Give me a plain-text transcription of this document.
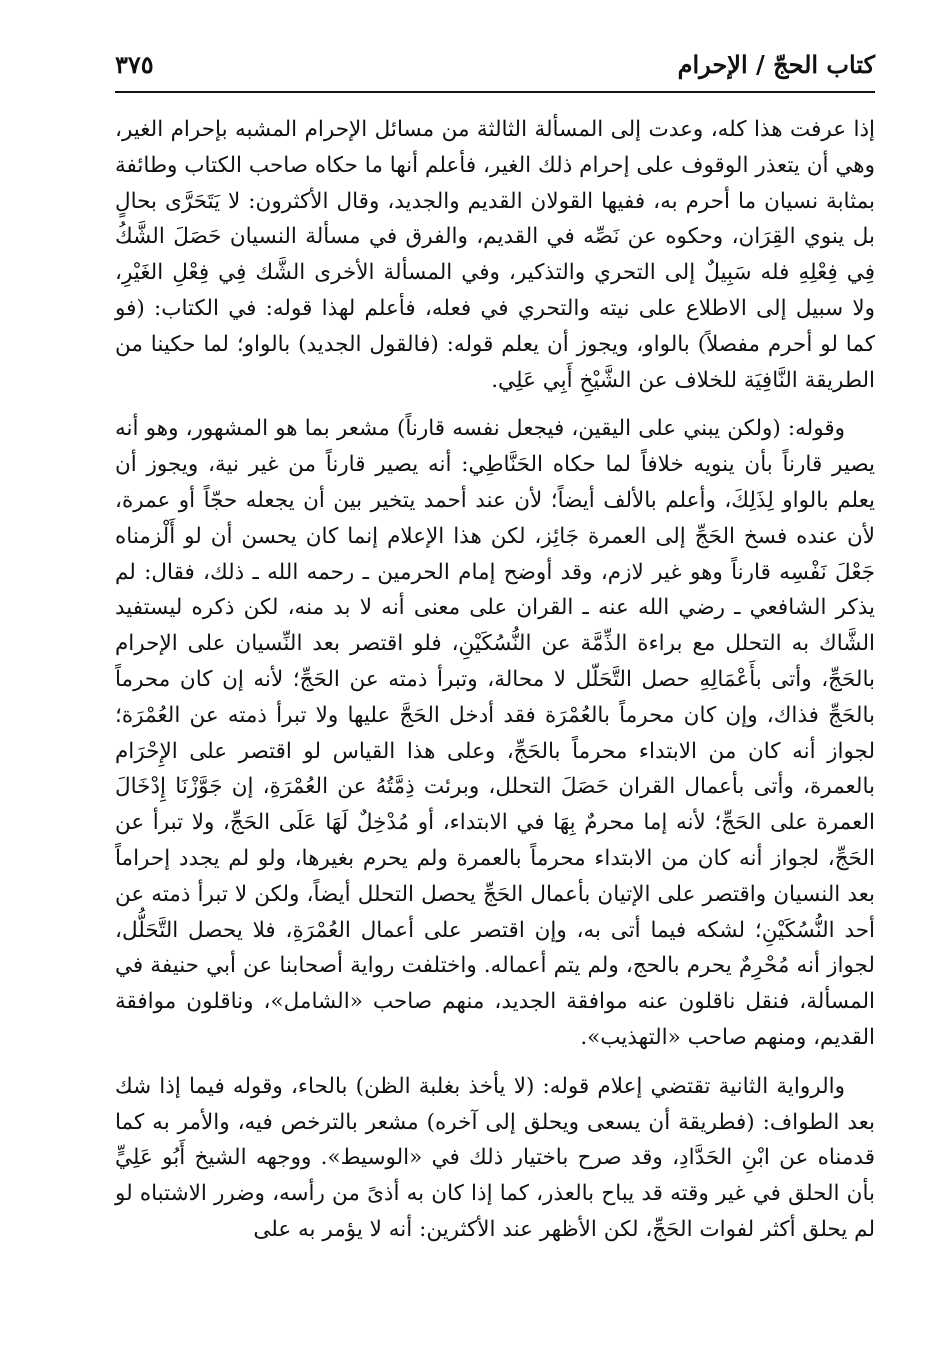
كتاب الحجّ / الإحرام
٣٧٥

إذا عرفت هذا كله، وعدت إلى المسألة الثالثة من مسائل الإحرام المشبه بإحرام الغير، وهي أن يتعذر الوقوف على إحرام ذلك الغير، فأعلم أنها ما حكاه صاحب الكتاب وطائفة بمثابة نسيان ما أحرم به، ففيها القولان القديم والجديد، وقال الأكثرون: لا يَتَحَرَّى بحالٍ بل ينوي القِرَان، وحكوه عن نَصِّه في القديم، والفرق في مسألة النسيان حَصَلَ الشَّكُ فِي فِعْلِهِ فله سَبِيلٌ إلى التحري والتذكير، وفي المسألة الأخرى الشَّك فِي فِعْلِ الغَيْرِ، ولا سبيل إلى الاطلاع على نيته والتحري في فعله، فأعلم لهذا قوله: في الكتاب: (فو كما لو أحرم مفصلاً) بالواو، ويجوز أن يعلم قوله: (فالقول الجديد) بالواو؛ لما حكينا من الطريقة النَّافِيَة للخلاف عن الشَّيْخِ أَبِي عَلِي.

وقوله: (ولكن يبني على اليقين، فيجعل نفسه قارناً) مشعر بما هو المشهور، وهو أنه يصير قارناً بأن ينويه خلافاً لما حكاه الحَنَّاطِي: أنه يصير قارناً من غير نية، ويجوز أن يعلم بالواو لِذَلِكَ، وأعلم بالألف أيضاً؛ لأن عند أحمد يتخير بين أن يجعله حجّاً أو عمرة، لأن عنده فسخ الحَجِّ إلى العمرة جَائِز، لكن هذا الإعلام إنما كان يحسن أن لو أَلْزمناه جَعْلَ نَفْسِه قارناً وهو غير لازم، وقد أوضح إمام الحرمين ـ رحمه الله ـ ذلك، فقال: لم يذكر الشافعي ـ رضي الله عنه ـ القران على معنى أنه لا بد منه، لكن ذكره ليستفيد الشَّاك به التحلل مع براءة الذِّمَّة عن النُّسُكَيْنِ، فلو اقتصر بعد النِّسيان على الإحرام بالحَجِّ، وأتى بأَعْمَالِهِ حصل التَّحَلّل لا محالة، وتبرأ ذمته عن الحَجِّ؛ لأنه إن كان محرماً بالحَجِّ فذاك، وإن كان محرماً بالعُمْرَة فقد أدخل الحَجَّ عليها ولا تبرأ ذمته عن العُمْرَة؛ لجواز أنه كان من الابتداء محرماً بالحَجِّ، وعلى هذا القياس لو اقتصر على الإِحْرَام بالعمرة، وأتى بأعمال القران حَصَلَ التحلل، وبرئت ذِمَّتُهُ عن العُمْرَةِ، إن جَوَّزْنَا إِدْخَالَ العمرة على الحَجِّ؛ لأنه إما محرمٌ بِهَا في الابتداء، أو مُدْخِلٌ لَهَا عَلَى الحَجِّ، ولا تبرأ عن الحَجِّ، لجواز أنه كان من الابتداء محرماً بالعمرة ولم يحرم بغيرها، ولو لم يجدد إحراماً بعد النسيان واقتصر على الإتيان بأعمال الحَجِّ يحصل التحلل أيضاً، ولكن لا تبرأ ذمته عن أحد النُّسُكَيْنِ؛ لشكه فيما أتى به، وإن اقتصر على أعمال العُمْرَةِ، فلا يحصل التَّحَلُّل، لجواز أنه مُحْرِمٌ يحرم بالحج، ولم يتم أعماله. واختلفت رواية أصحابنا عن أبي حنيفة في المسألة، فنقل ناقلون عنه موافقة الجديد، منهم صاحب «الشامل»، وناقلون موافقة القديم، ومنهم صاحب «التهذيب».

والرواية الثانية تقتضي إعلام قوله: (لا يأخذ بغلبة الظن) بالحاء، وقوله فيما إذا شك بعد الطواف: (فطريقة أن يسعى ويحلق إلى آخره) مشعر بالترخص فيه، والأمر به كما قدمناه عن ابْنِ الحَدَّادِ، وقد صرح باختيار ذلك في «الوسيط». ووجهه الشيخ أَبُو عَلِيٍّ بأن الحلق في غير وقته قد يباح بالعذر، كما إذا كان به أذىً من رأسه، وضرر الاشتباه لو لم يحلق أكثر لفوات الحَجِّ، لكن الأظهر عند الأكثرين: أنه لا يؤمر به على
